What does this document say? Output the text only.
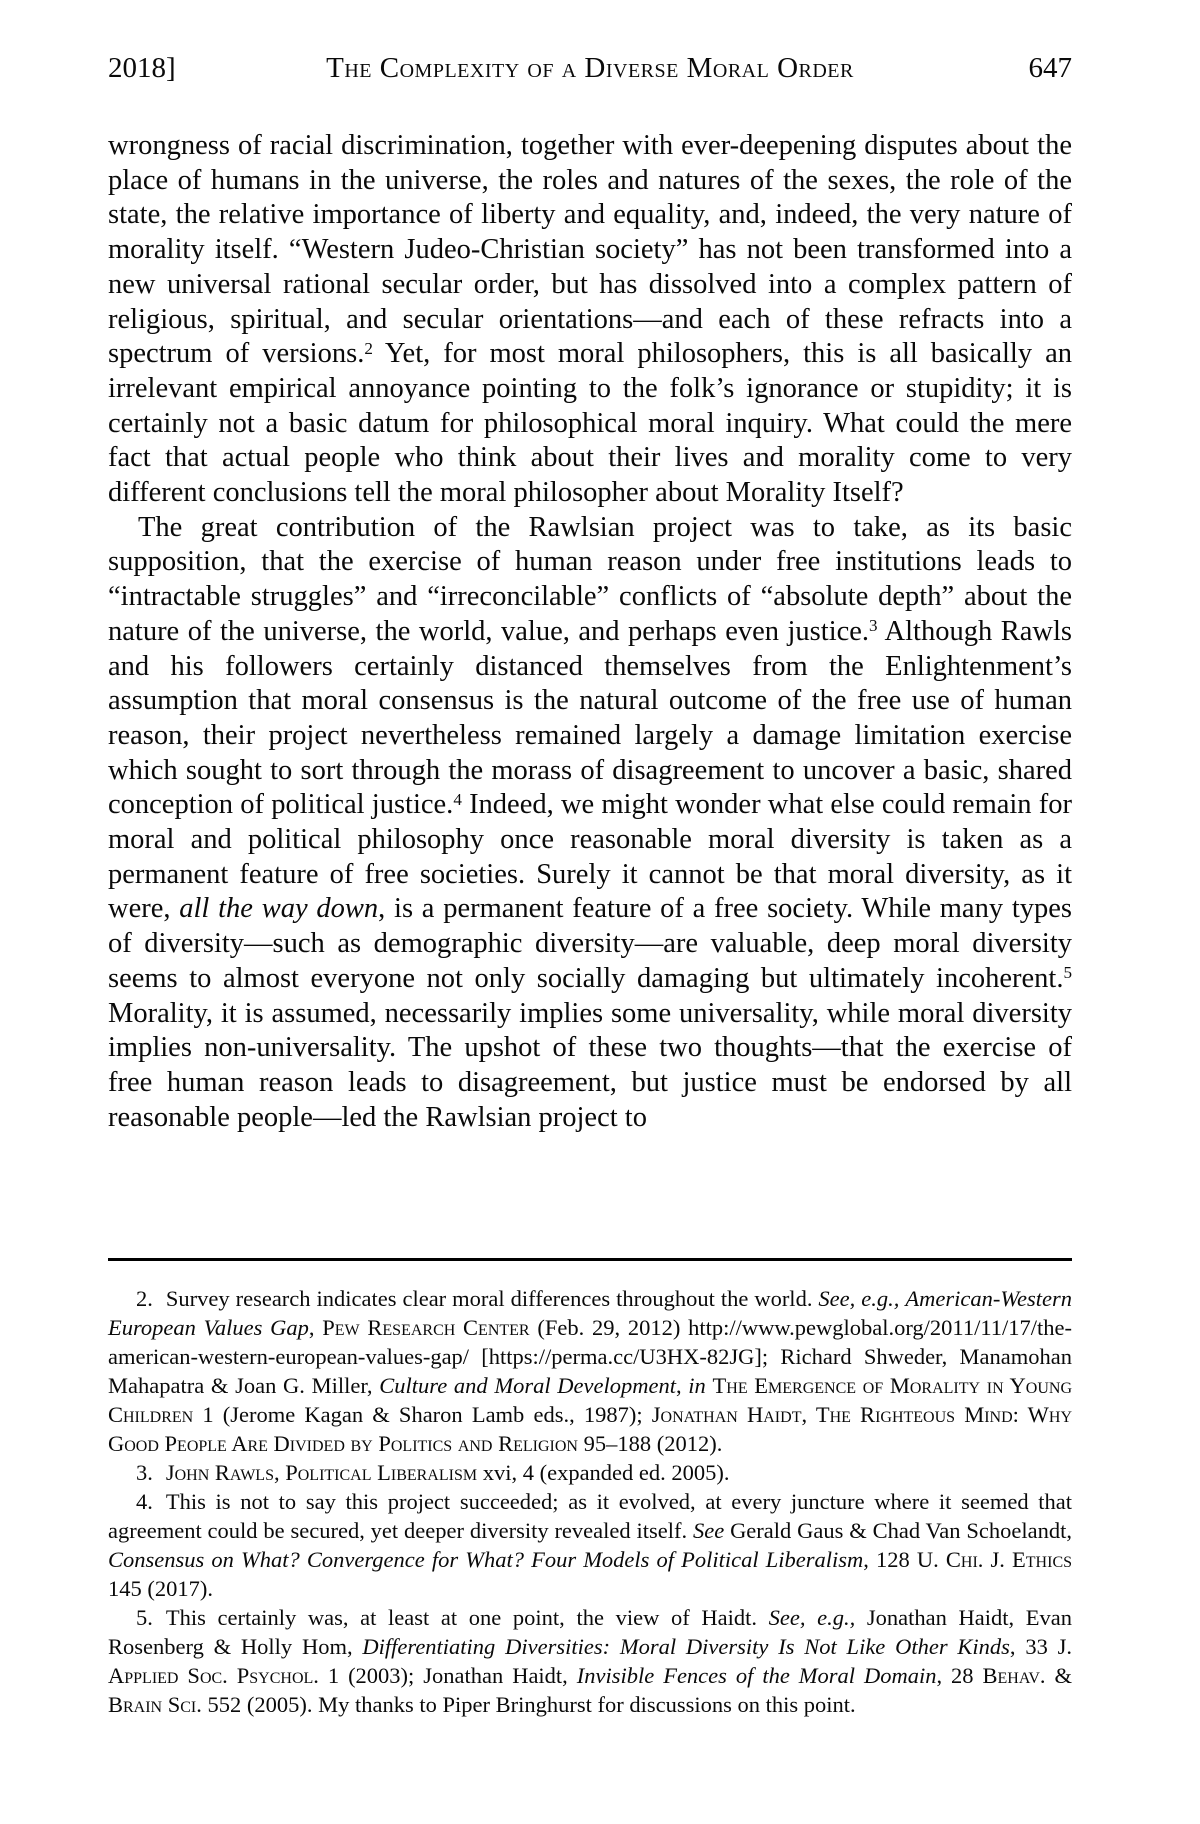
2018]	The Complexity of a Diverse Moral Order	647

wrongness of racial discrimination, together with ever-deepening disputes about the place of humans in the universe, the roles and natures of the sexes, the role of the state, the relative importance of liberty and equality, and, indeed, the very nature of morality itself. “Western Judeo-Christian society” has not been transformed into a new universal rational secular order, but has dissolved into a complex pattern of religious, spiritual, and secular orientations—and each of these refracts into a spectrum of versions.$^2$ Yet, for most moral philosophers, this is all basically an irrelevant empirical annoyance pointing to the folk’s ignorance or stupidity; it is certainly not a basic datum for philosophical moral inquiry. What could the mere fact that actual people who think about their lives and morality come to very different conclusions tell the moral philosopher about Morality Itself?

The great contribution of the Rawlsian project was to take, as its basic supposition, that the exercise of human reason under free institutions leads to “intractable struggles” and “irreconcilable” conflicts of “absolute depth” about the nature of the universe, the world, value, and perhaps even justice.$^3$ Although Rawls and his followers certainly distanced themselves from the Enlightenment’s assumption that moral consensus is the natural outcome of the free use of human reason, their project nevertheless remained largely a damage limitation exercise which sought to sort through the morass of disagreement to uncover a basic, shared conception of political justice.$^4$ Indeed, we might wonder what else could remain for moral and political philosophy once reasonable moral diversity is taken as a permanent feature of free societies. Surely it cannot be that moral diversity, as it were, all the way down, is a permanent feature of a free society. While many types of diversity—such as demographic diversity—are valuable, deep moral diversity seems to almost everyone not only socially damaging but ultimately incoherent.$^5$ Morality, it is assumed, necessarily implies some universality, while moral diversity implies non-universality. The upshot of these two thoughts—that the exercise of free human reason leads to disagreement, but justice must be endorsed by all reasonable people—led the Rawlsian project to

2. Survey research indicates clear moral differences throughout the world. See, e.g., American-Western European Values Gap, Pew Research Center (Feb. 29, 2012) http://www.pewglobal.org/2011/11/17/the-american-western-european-values-gap/ [https://perma.cc/U3HX-82JG]; Richard Shweder, Manamohan Mahapatra & Joan G. Miller, Culture and Moral Development, in The Emergence of Morality in Young Children 1 (Jerome Kagan & Sharon Lamb eds., 1987); Jonathan Haidt, The Righteous Mind: Why Good People Are Divided by Politics and Religion 95–188 (2012).

3. John Rawls, Political Liberalism xvi, 4 (expanded ed. 2005).

4. This is not to say this project succeeded; as it evolved, at every juncture where it seemed that agreement could be secured, yet deeper diversity revealed itself. See Gerald Gaus & Chad Van Schoelandt, Consensus on What? Convergence for What? Four Models of Political Liberalism, 128 U. Chi. J. Ethics 145 (2017).

5. This certainly was, at least at one point, the view of Haidt. See, e.g., Jonathan Haidt, Evan Rosenberg & Holly Hom, Differentiating Diversities: Moral Diversity Is Not Like Other Kinds, 33 J. Applied Soc. Psychol. 1 (2003); Jonathan Haidt, Invisible Fences of the Moral Domain, 28 Behav. & Brain Sci. 552 (2005). My thanks to Piper Bringhurst for discussions on this point.
